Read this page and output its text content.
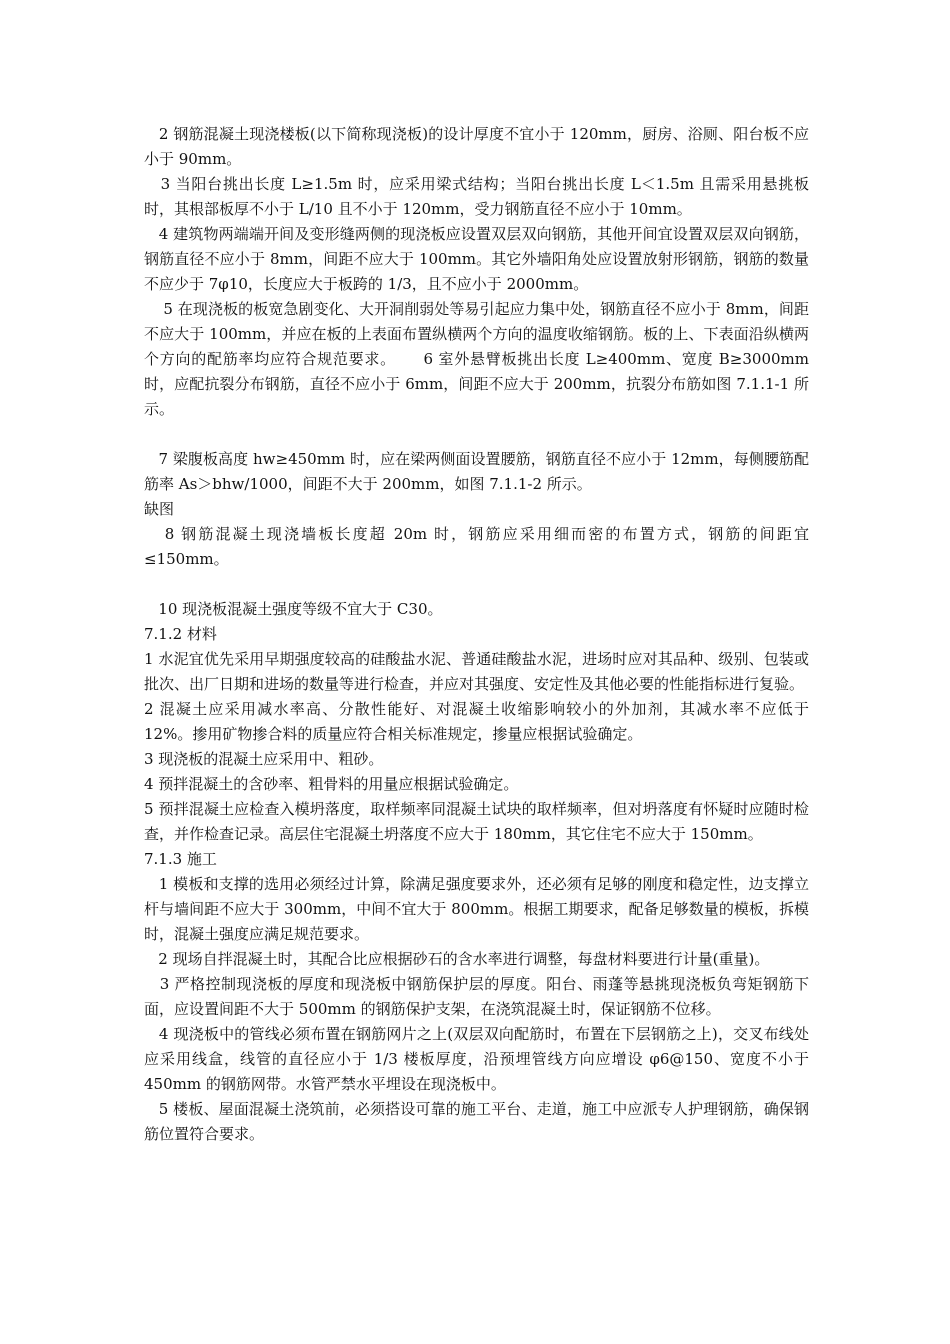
2 钢筋混凝土现浇楼板(以下简称现浇板)的设计厚度不宜小于 120mm，厨房、浴厕、阳台板不应小于 90mm。

3 当阳台挑出长度 L≥1.5m 时，应采用梁式结构；当阳台挑出长度 L＜1.5m 且需采用悬挑板时，其根部板厚不小于 L/10 且不小于 120mm，受力钢筋直径不应小于 10mm。

4 建筑物两端端开间及变形缝两侧的现浇板应设置双层双向钢筋，其他开间宜设置双层双向钢筋，钢筋直径不应小于 8mm，间距不应大于 100mm。其它外墙阳角处应设置放射形钢筋，钢筋的数量不应少于 7φ10，长度应大于板跨的 1/3，且不应小于 2000mm。

5 在现浇板的板宽急剧变化、大开洞削弱处等易引起应力集中处，钢筋直径不应小于 8mm，间距不应大于 100mm，并应在板的上表面布置纵横两个方向的温度收缩钢筋。板的上、下表面沿纵横两个方向的配筋率均应符合规范要求。     6 室外悬臂板挑出长度 L≥400mm、宽度 B≥3000mm 时，应配抗裂分布钢筋，直径不应小于 6mm，间距不应大于 200mm，抗裂分布筋如图 7.1.1-1 所示。

7 梁腹板高度 hw≥450mm 时，应在梁两侧面设置腰筋，钢筋直径不应小于 12mm，每侧腰筋配筋率 As＞bhw/1000，间距不大于 200mm，如图 7.1.1-2 所示。

缺图

8 钢筋混凝土现浇墙板长度超 20m 时，钢筋应采用细而密的布置方式，钢筋的间距宜≤150mm。

10 现浇板混凝土强度等级不宜大于 C30。

7.1.2 材料

1 水泥宜优先采用早期强度较高的硅酸盐水泥、普通硅酸盐水泥，进场时应对其品种、级别、包装或批次、出厂日期和进场的数量等进行检查，并应对其强度、安定性及其他必要的性能指标进行复验。

2 混凝土应采用减水率高、分散性能好、对混凝土收缩影响较小的外加剂，其减水率不应低于 12%。掺用矿物掺合料的质量应符合相关标准规定，掺量应根据试验确定。

3 现浇板的混凝土应采用中、粗砂。

4 预拌混凝土的含砂率、粗骨料的用量应根据试验确定。

5 预拌混凝土应检查入模坍落度，取样频率同混凝土试块的取样频率，但对坍落度有怀疑时应随时检查，并作检查记录。高层住宅混凝土坍落度不应大于 180mm，其它住宅不应大于 150mm。

7.1.3 施工

1 模板和支撑的选用必须经过计算，除满足强度要求外，还必须有足够的刚度和稳定性，边支撑立杆与墙间距不应大于 300mm，中间不宜大于 800mm。根据工期要求，配备足够数量的模板，拆模时，混凝土强度应满足规范要求。

2 现场自拌混凝土时，其配合比应根据砂石的含水率进行调整，每盘材料要进行计量(重量)。

3 严格控制现浇板的厚度和现浇板中钢筋保护层的厚度。阳台、雨蓬等悬挑现浇板负弯矩钢筋下面，应设置间距不大于 500mm 的钢筋保护支架，在浇筑混凝土时，保证钢筋不位移。

4 现浇板中的管线必须布置在钢筋网片之上(双层双向配筋时，布置在下层钢筋之上)，交叉布线处应采用线盒，线管的直径应小于 1/3 楼板厚度，沿预埋管线方向应增设 φ6@150、宽度不小于 450mm 的钢筋网带。水管严禁水平埋设在现浇板中。

5 楼板、屋面混凝土浇筑前，必须搭设可靠的施工平台、走道，施工中应派专人护理钢筋，确保钢筋位置符合要求。
